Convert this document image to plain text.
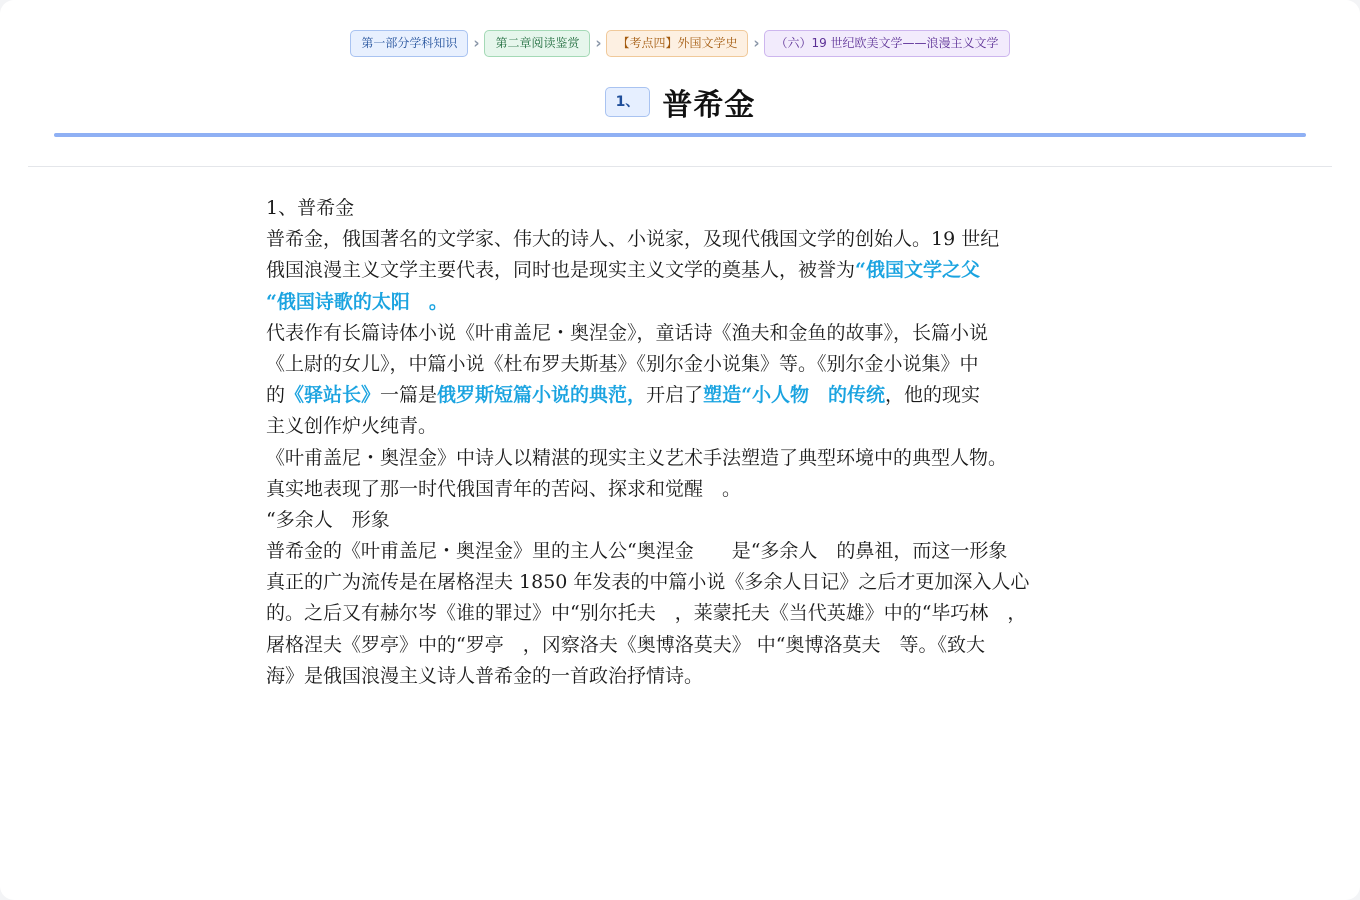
第一部分学科知识	›	第二章阅读鉴赏	›	【考点四】外国文学史	›	（六）19 世纪欧美文学——浪漫主义文学
1、 普希金
1、普希金
普希金，俄国著名的文学家、伟大的诗人、小说家，及现代俄国文学的创始人。19 世纪
俄国浪漫主义文学主要代表，同时也是现实主义文学的奠基人，被誉为“俄国文学之父
“俄国诗歌的太阳　。
代表作有长篇诗体小说《叶甫盖尼・奥涅金》，童话诗《渔夫和金鱼的故事》，长篇小说
《上尉的女儿》，中篇小说《杜布罗夫斯基》《别尔金小说集》等。《别尔金小说集》中
的《驿站长》一篇是俄罗斯短篇小说的典范，开启了塑造“小人物　的传统，他的现实
主义创作炉火纯青。
《叶甫盖尼・奥涅金》中诗人以精湛的现实主义艺术手法塑造了典型环境中的典型人物。
真实地表现了那一时代俄国青年的苦闷、探求和觉醒　。
“多余人　形象
普希金的《叶甫盖尼・奥涅金》里的主人公“奥涅金　　是“多余人　的鼻祖，而这一形象
真正的广为流传是在屠格涅夫 1850 年发表的中篇小说《多余人日记》之后才更加深入人心
的。之后又有赫尔岑《谁的罪过》中“别尔托夫　，莱蒙托夫《当代英雄》中的“毕巧林　，
屠格涅夫《罗亭》中的“罗亭　，冈察洛夫《奥博洛莫夫》 中“奥博洛莫夫　等。《致大
海》是俄国浪漫主义诗人普希金的一首政治抒情诗。
